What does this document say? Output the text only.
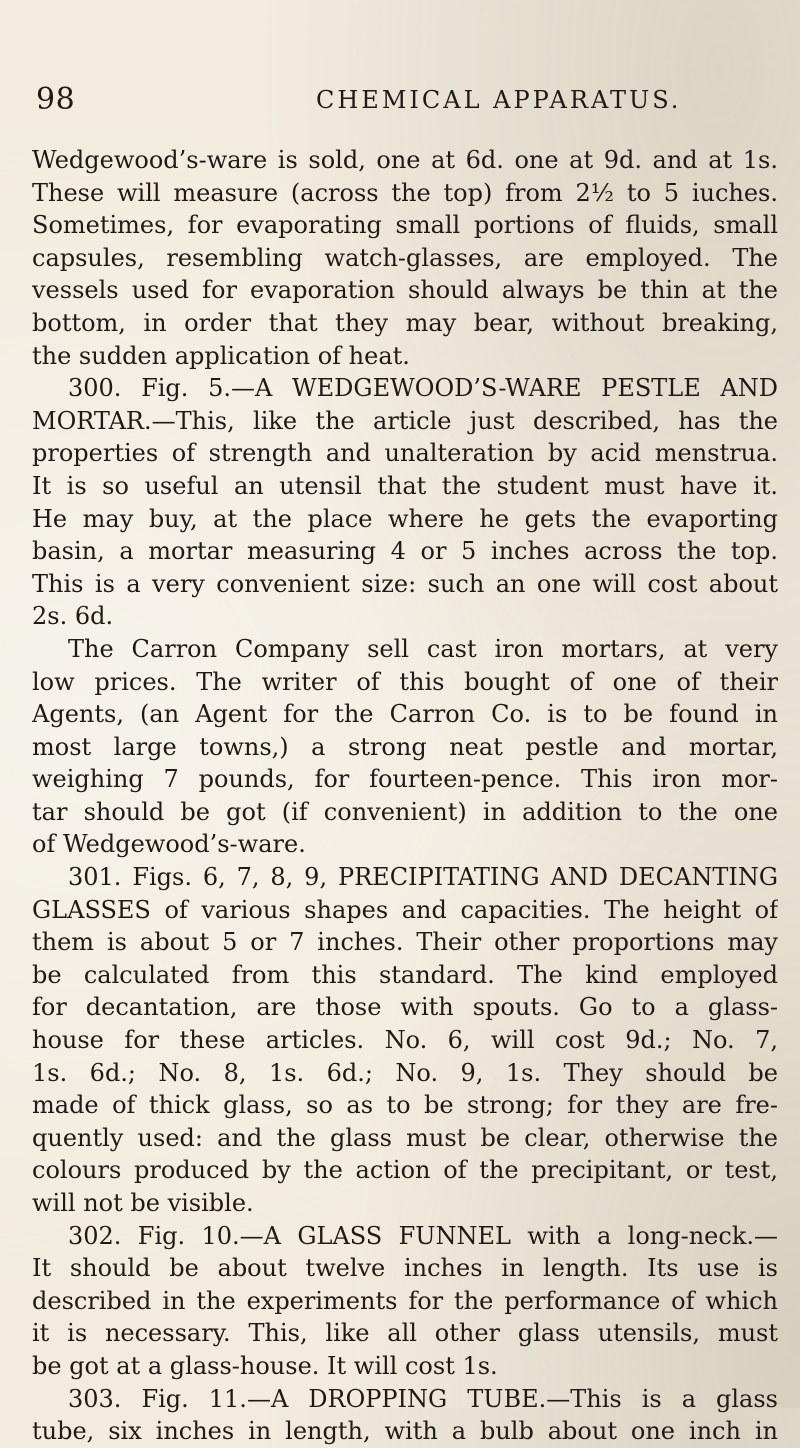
98	CHEMICAL APPARATUS.
Wedgewood’s-ware is sold, one at 6d. one at 9d. and at 1s.
These will measure (across the top) from 2½ to 5 iuches.
Sometimes, for evaporating small portions of fluids, small
capsules, resembling watch-glasses, are employed. The
vessels used for evaporation should always be thin at the
bottom, in order that they may bear, without breaking,
the sudden application of heat.
300. Fig. 5.—A WEDGEWOOD’S-WARE PESTLE AND
MORTAR.—This, like the article just described, has the
properties of strength and unalteration by acid menstrua.
It is so useful an utensil that the student must have it.
He may buy, at the place where he gets the evaporting
basin, a mortar measuring 4 or 5 inches across the top.
This is a very convenient size: such an one will cost about
2s. 6d.
The Carron Company sell cast iron mortars, at very
low prices. The writer of this bought of one of their
Agents, (an Agent for the Carron Co. is to be found in
most large towns,) a strong neat pestle and mortar,
weighing 7 pounds, for fourteen-pence. This iron mor-
tar should be got (if convenient) in addition to the one
of Wedgewood’s-ware.
301. Figs. 6, 7, 8, 9, PRECIPITATING AND DECANTING
GLASSES of various shapes and capacities. The height of
them is about 5 or 7 inches. Their other proportions may
be calculated from this standard. The kind employed
for decantation, are those with spouts. Go to a glass-
house for these articles. No. 6, will cost 9d.; No. 7,
1s. 6d.; No. 8, 1s. 6d.; No. 9, 1s. They should be
made of thick glass, so as to be strong; for they are fre-
quently used: and the glass must be clear, otherwise the
colours produced by the action of the precipitant, or test,
will not be visible.
302. Fig. 10.—A GLASS FUNNEL with a long-neck.—
It should be about twelve inches in length. Its use is
described in the experiments for the performance of which
it is necessary. This, like all other glass utensils, must
be got at a glass-house. It will cost 1s.
303. Fig. 11.—A DROPPING TUBE.—This is a glass
tube, six inches in length, with a bulb about one inch in
